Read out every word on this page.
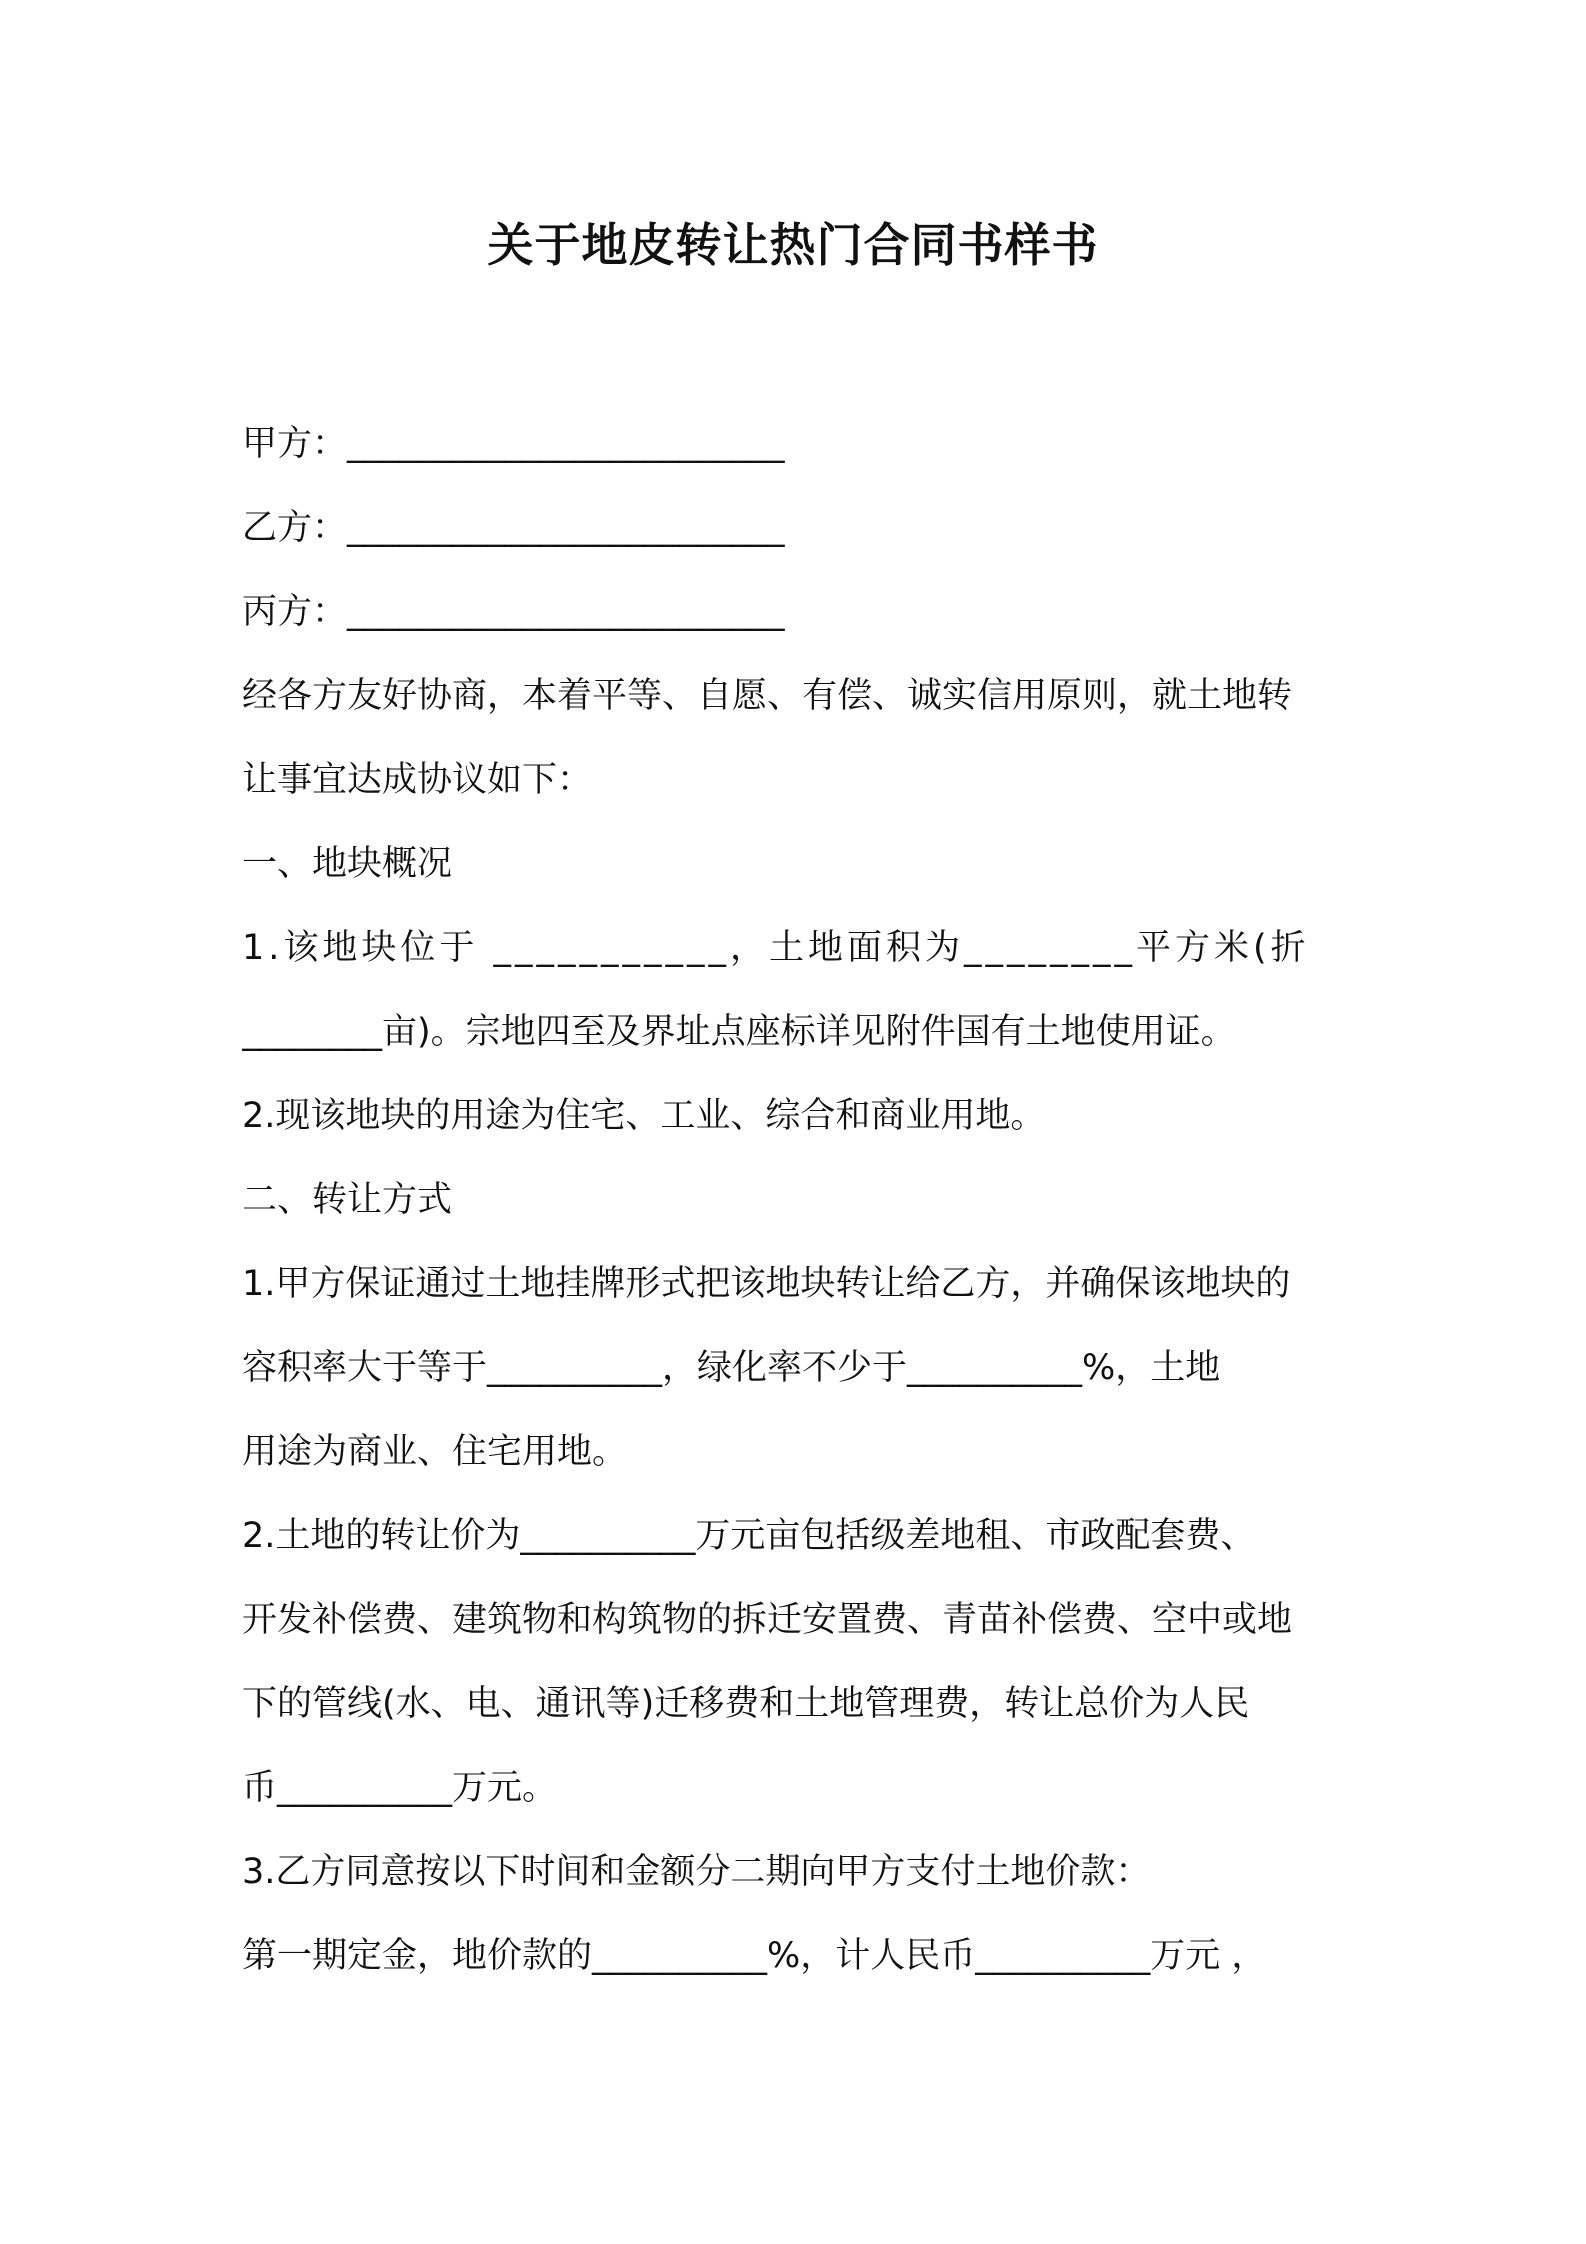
关于地皮转让热门合同书样书
甲方：_________________________
乙方：_________________________
丙方：_________________________
经各方友好协商，本着平等、自愿、有偿、诚实信用原则，就土地转
让事宜达成协议如下：
一、地块概况
1.该地块位于 ___________，土地面积为________平方米(折
________亩)。宗地四至及界址点座标详见附件国有土地使用证。
2.现该地块的用途为住宅、工业、综合和商业用地。
二、转让方式
1.甲方保证通过土地挂牌形式把该地块转让给乙方，并确保该地块的
容积率大于等于__________，绿化率不少于__________%，土地
用途为商业、住宅用地。
2.土地的转让价为__________万元亩包括级差地租、市政配套费、
开发补偿费、建筑物和构筑物的拆迁安置费、青苗补偿费、空中或地
下的管线(水、电、通讯等)迁移费和土地管理费，转让总价为人民
币__________万元。
3.乙方同意按以下时间和金额分二期向甲方支付土地价款：
第一期定金，地价款的__________%，计人民币__________万元 ，
